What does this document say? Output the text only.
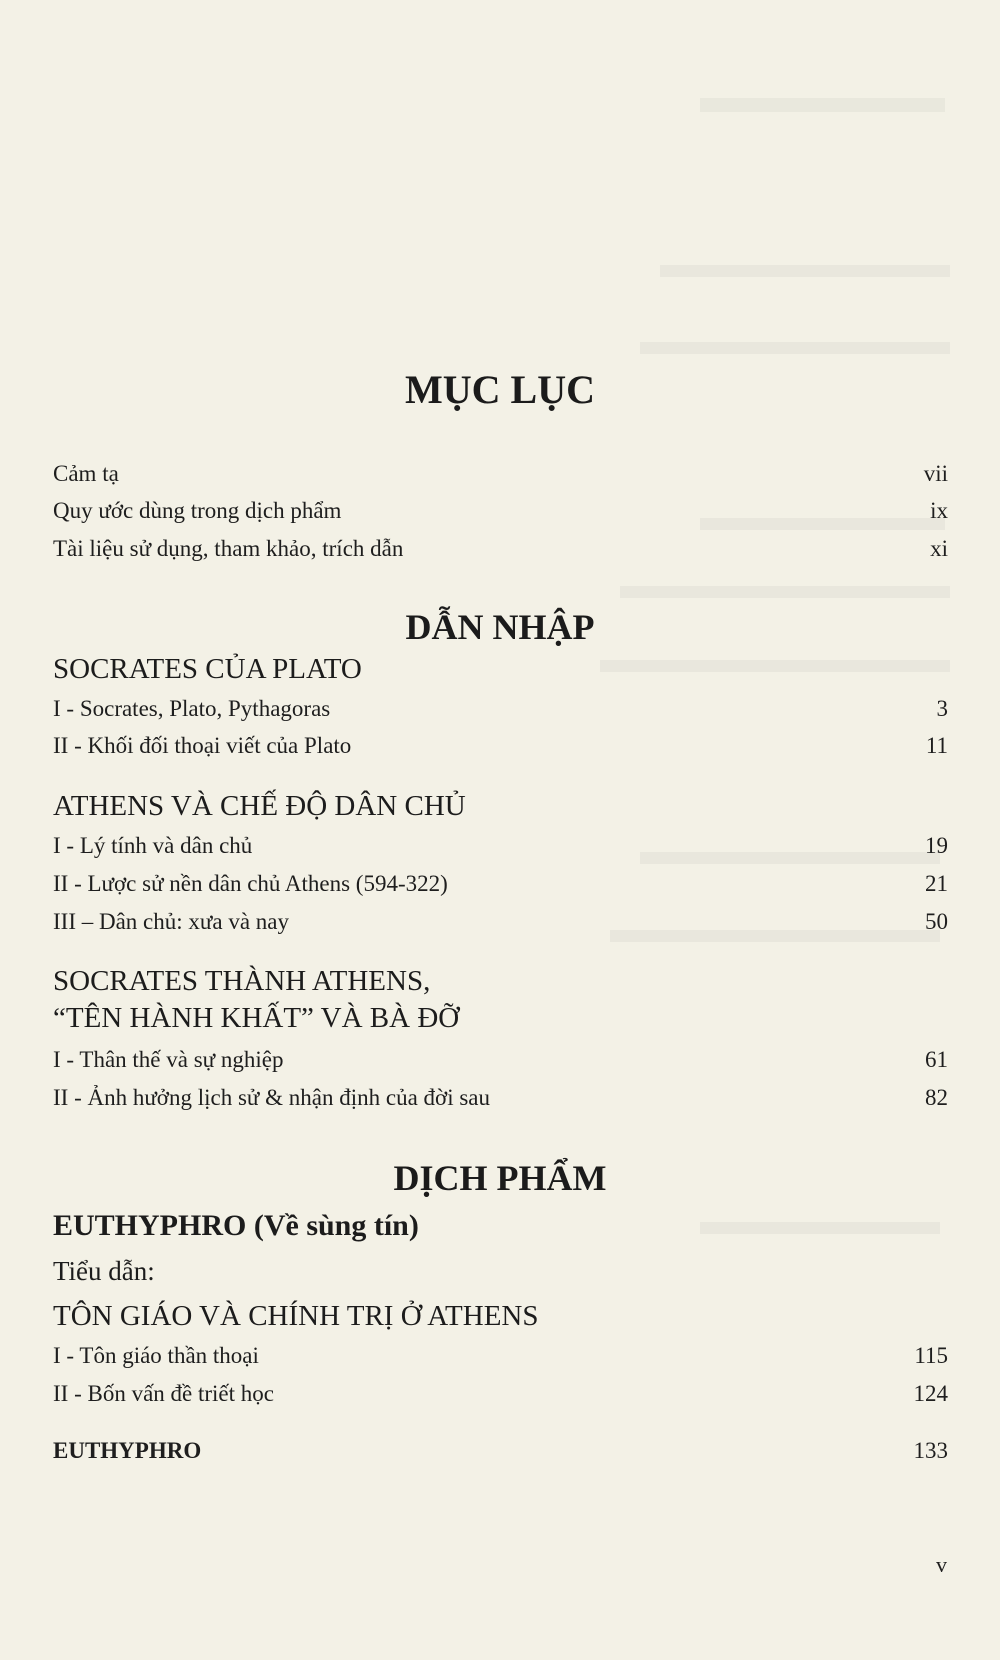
MỤC LỤC
Cảm tạ	vii
Quy ước dùng trong dịch phẩm	ix
Tài liệu sử dụng, tham khảo, trích dẫn	xi
DẪN NHẬP
SOCRATES CỦA PLATO
I - Socrates, Plato, Pythagoras	3
II - Khối đối thoại viết của Plato	11
ATHENS VÀ CHẾ ĐỘ DÂN CHỦ
I - Lý tính và dân chủ	19
II - Lược sử nền dân chủ Athens (594-322)	21
III – Dân chủ: xưa và nay	50
SOCRATES THÀNH ATHENS,
“TÊN HÀNH KHẤT” VÀ BÀ ĐỠ
I - Thân thế và sự nghiệp	61
II - Ảnh hưởng lịch sử & nhận định của đời sau	82
DỊCH PHẨM
EUTHYPHRO (Về sùng tín)
Tiểu dẫn:
TÔN GIÁO VÀ CHÍNH TRỊ Ở ATHENS
I - Tôn giáo thần thoại	115
II - Bốn vấn đề triết học	124
EUTHYPHRO	133
v
